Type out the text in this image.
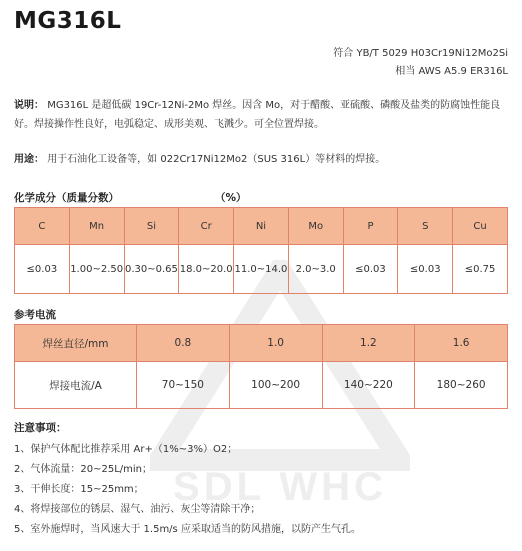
SDL WHC
MG316L
符合 YB/T 5029 H03Cr19Ni12Mo2Si
相当 AWS A5.9 ER316L
说明： MG316L 是超低碳 19Cr-12Ni-2Mo 焊丝。因含 Mo，对于醋酸、亚硫酸、磷酸及盐类的防腐蚀性能良好。焊接操作性良好，电弧稳定、成形美观、飞溅少。可全位置焊接。
用途： 用于石油化工设备等，如 022Cr17Ni12Mo2（SUS 316L）等材料的焊接。
化学成分（质量分数）	（%）
C	Mn	Si	Cr	Ni	Mo	P	S	Cu
≤0.03	1.00~2.50	0.30~0.65	18.0~20.0	11.0~14.0	2.0~3.0	≤0.03	≤0.03	≤0.75
参考电流
焊丝直径/mm	0.8	1.0	1.2	1.6
焊接电流/A	70~150	100~200	140~220	180~260
注意事项：
1、保护气体配比推荐采用 Ar+（1%~3%）O2；
2、气体流量：20~25L/min；
3、干伸长度：15~25mm；
4、将焊接部位的锈层、湿气、油污、灰尘等清除干净；
5、室外施焊时，当风速大于 1.5m/s 应采取适当的防风措施，以防产生气孔。
